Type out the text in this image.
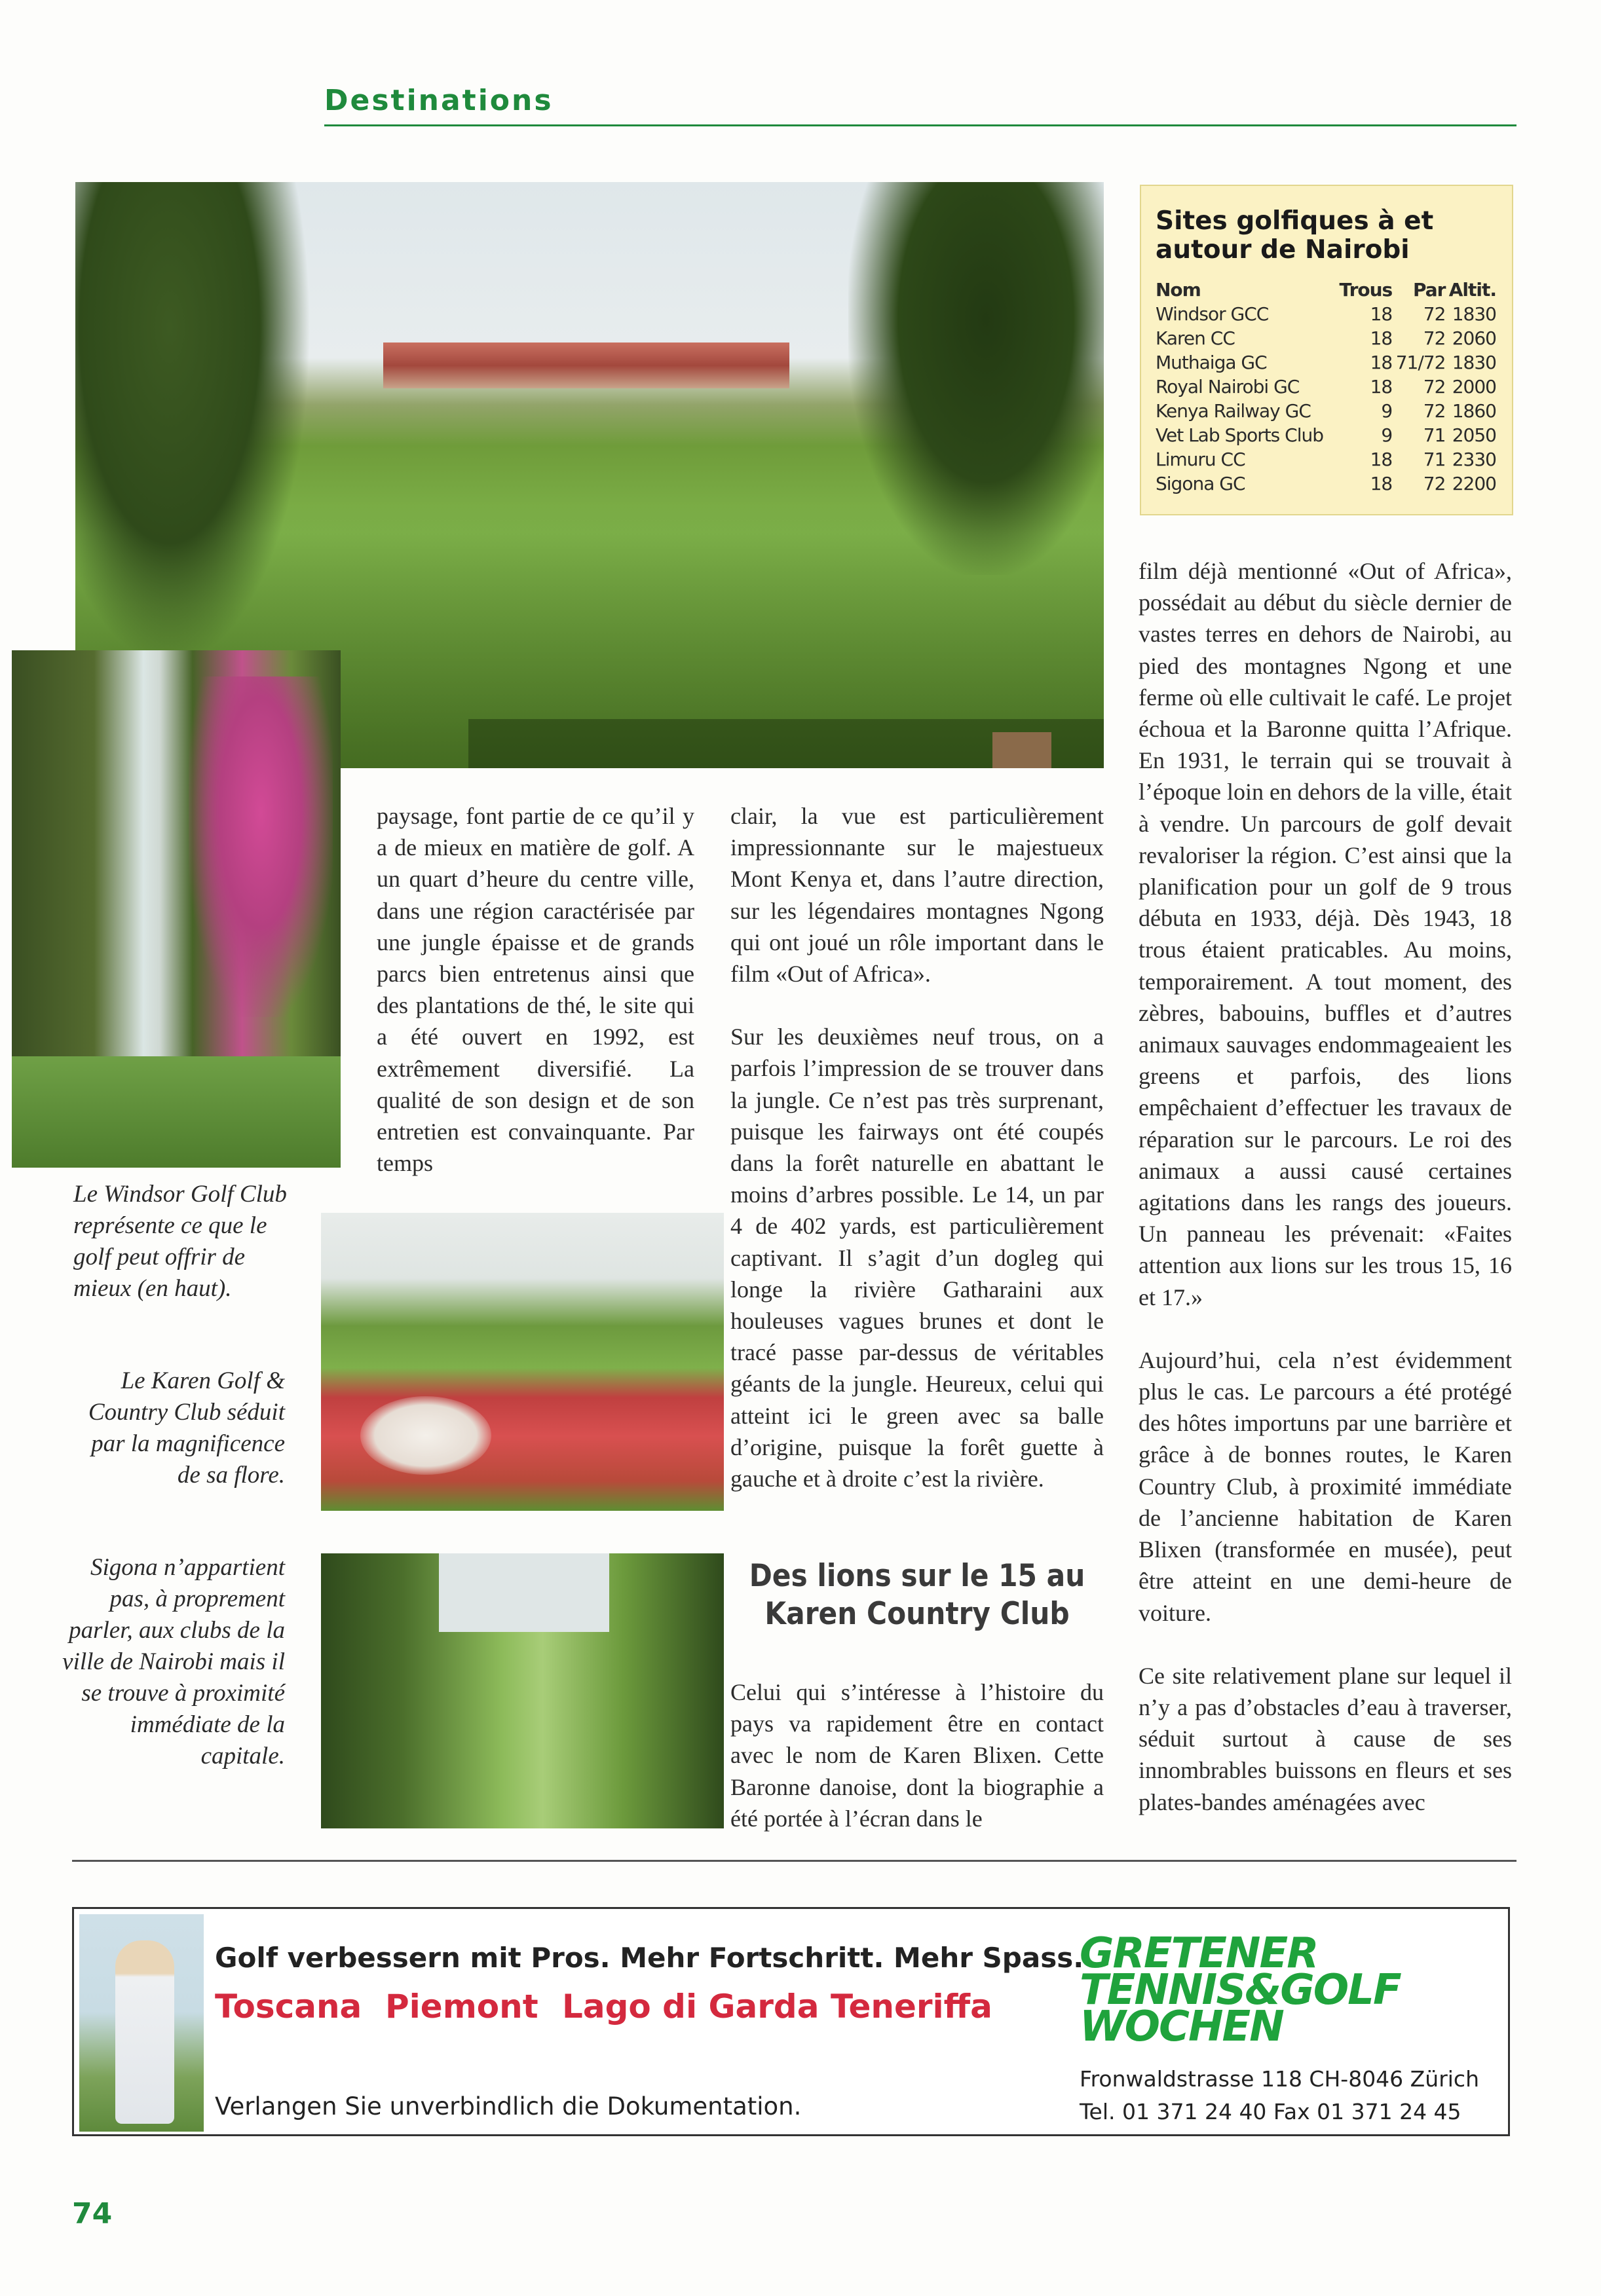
Destinations
Sites golfiques à et
autour de Nairobi
Nom	Trous	Par	Altit.
Windsor GCC	18	72	1830
Karen CC	18	72	2060
Muthaiga GC	18	71/72	1830
Royal Nairobi GC	18	72	2000
Kenya Railway GC	9	72	1860
Vet Lab Sports Club	9	71	2050
Limuru CC	18	71	2330
Sigona GC	18	72	2200
Le Windsor Golf Club représente ce que le golf peut offrir de mieux (en haut).
Le Karen Golf & Country Club séduit par la magnificence de sa flore.
Sigona n’appartient pas, à proprement parler, aux clubs de la ville de Nairobi mais il se trouve à proximité immédiate de la capitale.

paysage, font partie de ce qu’il y a de mieux en matière de golf. A un quart d’heure du centre ville, dans une région caractérisée par une jungle épaisse et de grands parcs bien entretenus ainsi que des plantations de thé, le site qui a été ouvert en 1992, est extrêmement diversifié. La qualité de son design et de son entretien est convainquante. Par temps

clair, la vue est particulièrement impressionnante sur le majestueux Mont Kenya et, dans l’autre direction, sur les légendaires montagnes Ngong qui ont joué un rôle important dans le film «Out of Africa».

Sur les deuxièmes neuf trous, on a parfois l’impression de se trouver dans la jungle. Ce n’est pas très surprenant, puisque les fairways ont été coupés dans la forêt naturelle en abattant le moins d’arbres possible. Le 14, un par 4 de 402 yards, est particulièrement captivant. Il s’agit d’un dogleg qui longe la rivière Gatharaini aux houleuses vagues brunes et dont le tracé passe par-dessus de véritables géants de la jungle. Heureux, celui qui atteint ici le green avec sa balle d’origine, puisque la forêt guette à gauche et à droite c’est la rivière.

Des lions sur le 15 au Karen Country Club

Celui qui s’intéresse à l’histoire du pays va rapidement être en contact avec le nom de Karen Blixen. Cette Baronne danoise, dont la biographie a été portée à l’écran dans le

film déjà mentionné «Out of Africa», possédait au début du siècle dernier de vastes terres en dehors de Nairobi, au pied des montagnes Ngong et une ferme où elle cultivait le café. Le projet échoua et la Baronne quitta l’Afrique. En 1931, le terrain qui se trouvait à l’époque loin en dehors de la ville, était à vendre. Un parcours de golf devait revaloriser la région. C’est ainsi que la planification pour un golf de 9 trous débuta en 1933, déjà. Dès 1943, 18 trous étaient praticables. Au moins, temporairement. A tout moment, des zèbres, babouins, buffles et d’autres animaux sauvages endommageaient les greens et parfois, des lions empêchaient d’effectuer les travaux de réparation sur le parcours. Le roi des animaux a aussi causé certaines agitations dans les rangs des joueurs. Un panneau les prévenait: «Faites attention aux lions sur les trous 15, 16 et 17.»

Aujourd’hui, cela n’est évidemment plus le cas. Le parcours a été protégé des hôtes importuns par une barrière et grâce à de bonnes routes, le Karen Country Club, à proximité immédiate de l’ancienne habitation de Karen Blixen (transformée en musée), peut être atteint en une demi-heure de voiture.

Ce site relativement plane sur lequel il n’y a pas d’obstacles d’eau à traverser, séduit surtout à cause de ses innombrables buissons en fleurs et ses plates-bandes aménagées avec

Golf verbessern mit Pros. Mehr Fortschritt. Mehr Spass.
Toscana Piemont Lago di Garda Teneriffa
Verlangen Sie unverbindlich die Dokumentation.
GRETENER
TENNIS&GOLF
WOCHEN
Fronwaldstrasse 118 CH-8046 Zürich
Tel. 01 371 24 40 Fax 01 371 24 45
74
